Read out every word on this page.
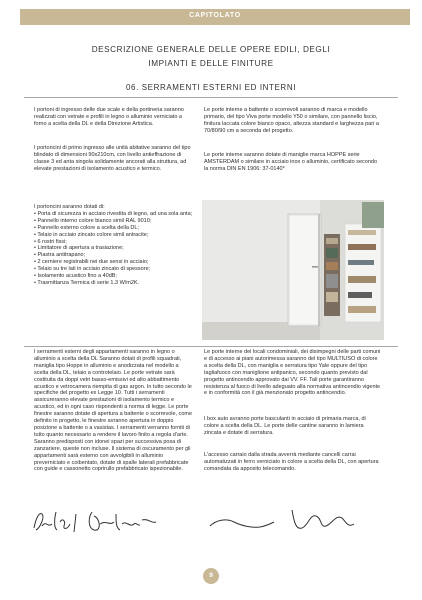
CAPITOLATO
DESCRIZIONE GENERALE DELLE OPERE EDILI, DEGLI
IMPIANTI E DELLE FINITURE
06. SERRAMENTI ESTERNI ED INTERNI

I portoni di ingresso delle due scale e della portineria saranno realizzati con vetrate e profili in legno o alluminio verniciato a forno a scelta della DL e della Direzione Artistica.

I portoncini di primo ingresso alle unità abitative saranno del tipo blindato di dimensioni 90x210cm, con livello antieffrazione di classe 3 ed anta singola solidamente ancorati alla struttura, ad elevate prestazioni di isolamento acustico e termico.

I portoncini saranno dotati di:
• Porta di sicurezza in acciaio rivestita di legno, ad una sola anta;
• Pannello interno colore bianco simil RAL 9010;
• Pannello esterno colore a scelta della DL;
• Telaio in acciaio zincato colore simil antracite;
• 6 rostri fissi;
• Limitatore di apertura a trasiazione;
• Piastra antitrapano;
• 2 cerniere registrabili nei due sensi in acciaio;
• Telaio su tre lati in acciaio zincato di spessore;
• Isolamento acustico fino a 40dB;
• Trasmittanza Termica di serie 1.3 W/m2K.

Le porte interne a battente o scorrevoli saranno di marca e modello primario, del tipo Viva porte modello Y50 o similare, con pannello liscio, finitura laccata colore bianco opaco, altezza standard e larghezza pari a 70/80/90 cm a seconda del progetto.

Le porte interne saranno dotate di maniglie marca HOPPE serie AMSTERDAM o similare in acciaio inox o alluminio, certificato secondo la norma DIN EN 1906: 37-0140*

I serramenti esterni degli appartamenti saranno in legno o alluminio a scelta della DL Saranno dotati di profili squadrati, maniglia tipo Hoppe in alluminio e anodizzata nel modello a scelta della DL, telaio a controtelaio. Le porte vetrate sarà costituita da doppi vetri basso-emissivi ed alto abbattimento acustico e vetrocamera riempita di gas argon. In tutto secondo le specifiche del progetto ex Legge 10. Tutti i serramenti assicureranno elevate prestazioni di isolamento termico e acustico, ed in ogni caso rispondenti a norma di legge. Le porte finestre saranno dotate di apertura a battente o scorrevole, come definito in progetto, le finestre avranno apertura in doppio posizione a battente o a vasistas. I serramenti verranno forniti di tutto quanto necessario a rendere il lavoro finito a regola d'arte. Saranno predisposti con idonei spazi per successiva posa di zanzariere, queste non incluse. Il sistema di oscuramento per gli appartamenti sarà esterno con avvolgibili in alluminio preverniciato e coibentato, dotate di spalle laterali prefabbricate con guide e cassonetto coprirullo prefabbricato ispezionabile.

Le porte interne dei locali condominiali, dei disimpegni delle parti comuni e di accesso ai piani autorimessa saranno del tipo MULTIUSO di colore a scelta della DL, con maniglia e serratura tipo Yale oppure del tipo tagliafuoco con maniglione antipanico, secondo quanto previsto dal progetto antincendio approvato dai VV. FF. Tali porte garantiranno resistenza al fuoco di livello adeguato alla normativa antincendio vigente e in conformità con il già menzionato progetto antincendio.

I box auto avranno porte basculanti in acciaio di primaria marca, di colore a scelta della DL. Le porte delle cantine saranno in lamiera zincata e dotate di serratura.

L'accesso carraio dalla strada avverrà mediante cancelli carrai automatizzati in ferro verniciato in colore a scelta della DL, con apertura comandata da apposito telecomando.

9
